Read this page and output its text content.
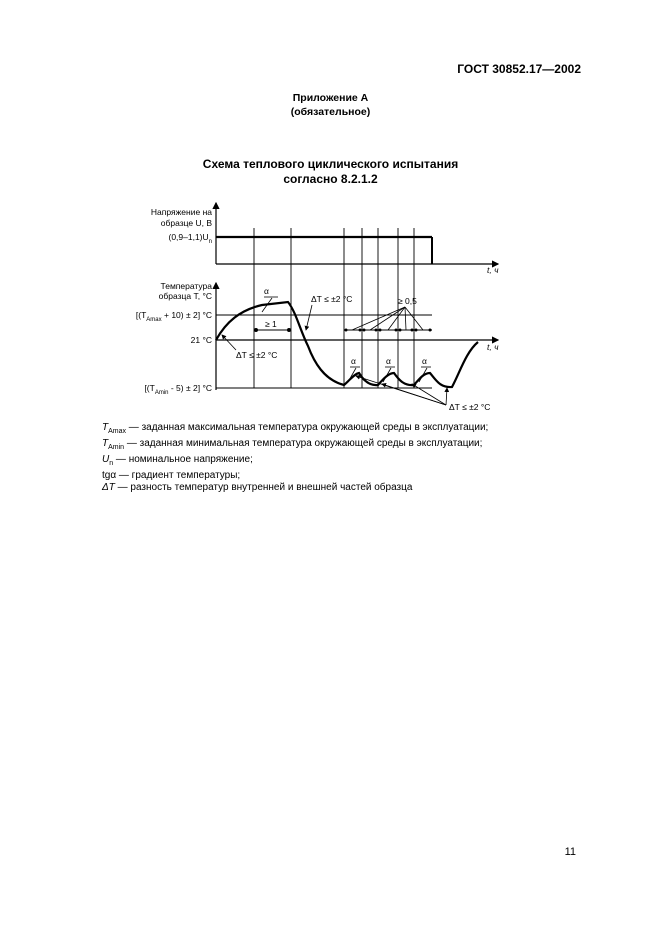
ГОСТ 30852.17—2002
Приложение А
(обязательное)
Схема теплового циклического испытания
согласно 8.2.1.2
Напряжение на
образце U, В
$(0,9-1,1)U_n$
t, ч
Температура
образца T, °С
$[(T_{Amax} + 10) \pm 2]$ °С
21 °С
$[(T_{Amin} - 5) \pm 2]$ °С
t, ч
α
≥ 1
≥ 0,5
ΔT ≤ ±2 °С
ΔT ≤ ±2 °С
ΔT ≤ ±2 °С
α	α	α
$T_{Amax}$ — заданная максимальная температура окружающей среды в эксплуатации;
$T_{Amin}$ — заданная минимальная температура окружающей среды в эксплуатации;
$U_n$ — номинальное напряжение;
tgα — градиент температуры;
ΔT — разность температур внутренней и внешней частей образца
11
